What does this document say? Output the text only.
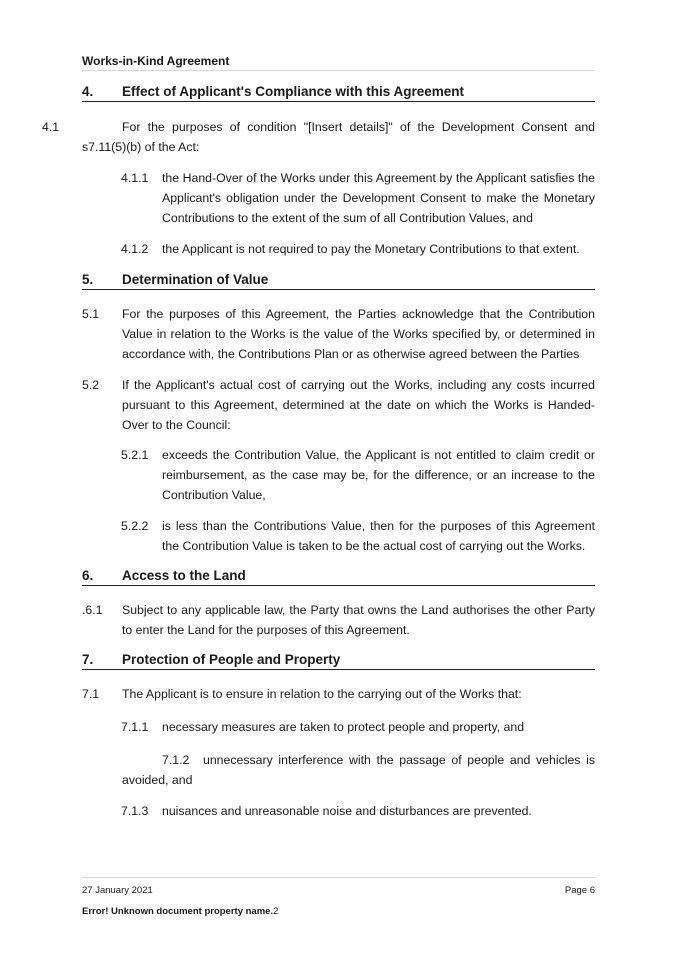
Works-in-Kind Agreement
4. Effect of Applicant's Compliance with this Agreement
4.1	For the purposes of condition "[Insert details]" of the Development Consent and s7.11(5)(b) of the Act:
4.1.1 the Hand-Over of the Works under this Agreement by the Applicant satisfies the Applicant's obligation under the Development Consent to make the Monetary Contributions to the extent of the sum of all Contribution Values, and
4.1.2 the Applicant is not required to pay the Monetary Contributions to that extent.
5. Determination of Value
5.1 For the purposes of this Agreement, the Parties acknowledge that the Contribution Value in relation to the Works is the value of the Works specified by, or determined in accordance with, the Contributions Plan or as otherwise agreed between the Parties
5.2 If the Applicant's actual cost of carrying out the Works, including any costs incurred pursuant to this Agreement, determined at the date on which the Works is Handed-Over to the Council:
5.2.1 exceeds the Contribution Value, the Applicant is not entitled to claim credit or reimbursement, as the case may be, for the difference, or an increase to the Contribution Value,
5.2.2 is less than the Contributions Value, then for the purposes of this Agreement the Contribution Value is taken to be the actual cost of carrying out the Works.
6. Access to the Land
.6.1 Subject to any applicable law, the Party that owns the Land authorises the other Party to enter the Land for the purposes of this Agreement.
7. Protection of People and Property
7.1 The Applicant is to ensure in relation to the carrying out of the Works that:
7.1.1 necessary measures are taken to protect people and property, and
7.1.2 unnecessary interference with the passage of people and vehicles is avoided, and
7.1.3 nuisances and unreasonable noise and disturbances are prevented.
27 January 2021	Page 6
Error! Unknown document property name.2
